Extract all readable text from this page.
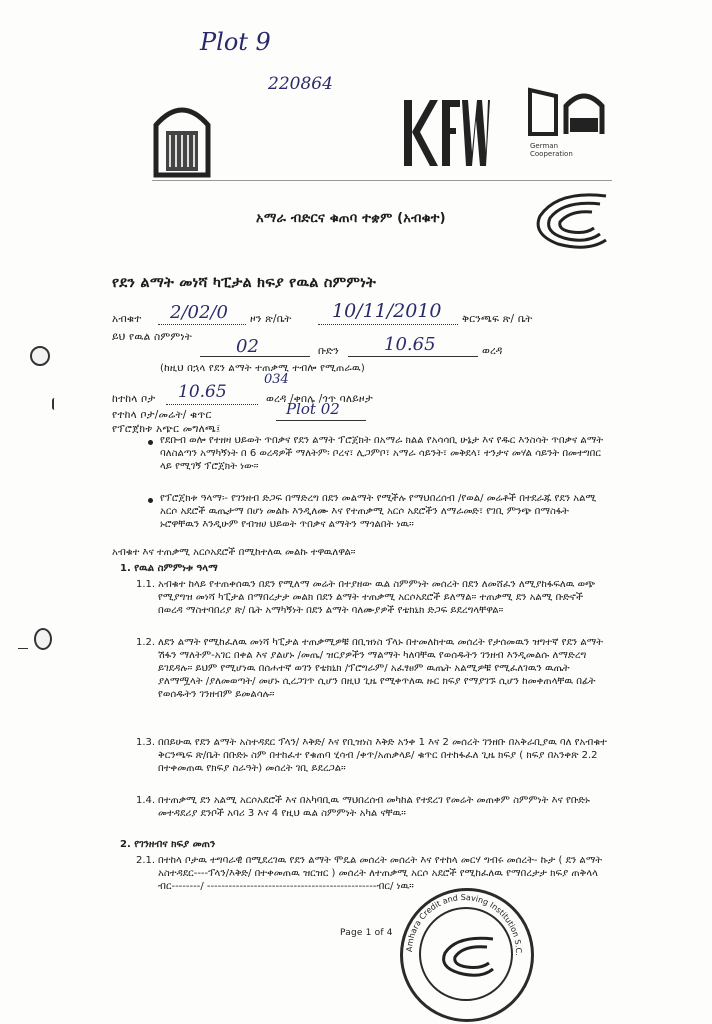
Plot 9
220864
German Cooperation
አማራ ብድርና ቁጠባ ተቋም (አብቁተ)
የደን ልማት መነሻ ካፒታል ክፍያ የዉል ስምምነት
አብቁተ 2/02/0 ዞን ጽ/ቤት 10/11/2010 ቅርንጫፍ ጽ/ ቤት
ይህ የዉል ስምምነት 02	ቡድን	10.65	ወረዳ
(ከዚህ በኋላ የደን ልማት ተጠቃሚ ተብሎ የሚጠራዉ)
ከተከላ ቦታ 10.65
034
ወረዳ /ቀበሌ /ጎጥ ባለይዞታ
የተከላ ቦታ/መሬት/ ቁጥር	Plot 02
የፕሮጀክቱ አጭር መግለጫ፤
የደቡብ ወሎ የተዘዛ ህይወት ጥበቃና የደን ልማት ፕሮጀክት በአማራ ክልል የአሳሳቢ ሁኔታ እና የዱር እንስሳት ጥበቃና ልማት ባለስልጣን አማካኝነት በ 6 ወረዳዎች ማለትም፡ ቦረና፣ ሊጋምቦ፣ አማራ ሳይንት፣ መቅደላ፣ ተንታና መሃል ሳይንት በመተግበር ላይ የሚገኝ ፕሮጀክት ነው።
የፕሮጀክቱ ዓላማ፡- የገንዘብ ድጋፍ በማድረግ በደን መልማት የሚችሉ የማህበረሰብ /የወል/ መሬቶች በተደራጁ የደን አልሚ አርሶ አደሮች ዉጤታማ በሆነ መልኩ እንዲለሙ እና የተጠቃሚ አርሶ አደሮችን ለማራመድ፣ የገቢ ምንጭ በማስፋት ኑሮዋቸዉን እንዲሁም የብዝሀ ህይወት ጥበቃና ልማትን ማጎልበት ነዉ።
አብቁተ እና ተጠቃሚ አርሶአደሮች በሚከተለዉ መልኩ ተዋዉለዋል።
1. የዉል ስምምነቱ ዓላማ
1.1. አብቁተ ከላይ የተጠቀሰዉን በደን የሚለማ መሬት በተያዘው ዉል ስምምነት መሰረት በደን ለመሸፈን ለሚያከፋፍለዉ ወጭ የሚያግዝ መነሻ ካፒታል በማበረታታ መልክ በደን ልማት ተጠቃሚ አርሶአደሮች ይለማል። ተጠቃሚ ደን አልሚ ቡድኖች በወረዳ ማስተባበሪያ ጽ/ ቤት አማካኝነት በደን ልማት ባለሙያዎች የቴክኒክ ድጋፍ ይደረግላቸዋል።
1.2. ለደን ልማት የሚከፈለዉ መነሻ ካፒታል ተጠቃሚዎቹ በቢዝነስ ፕላኑ በተመለከተዉ መሰረት የታሰመዉን ዝግተኛ የደን ልማት ሽፋን ማለትም-አገር በቀል እና ያልሆኑ /መጤ/ ዝርያዎችን ማልማት ካለባቸዉ የወሰዱትን ገንዘብ እንዲመልሱ ለማድረግ ይገደዳሉ። ይህም የሚሆነዉ በሰሐተኛ ወገን የቴክኒክ /ፕሮግራም/ አፈፃፀም ዉጤት አልሚዎቹ የሚፈለገዉን ዉጤት ያለማሟላት /ያለመወጣት/ መሆኑ ሲረጋገጥ ሲሆን በዚህ ጊዜ የሚቀጥለዉ ዙር ክፍያ የማያገኙ ሲሆን ከመቀጠላቸዉ በፊት የወሰዱትን ገንዘብም ይመልሳሉ።
1.3. በበይሁዉ የደን ልማት አስተዳደር ፕላን/ እቅድ/ እና የቢዝነስ እቅድ አንቀ 1 እና 2 መሰረት ገንዘቡ በአቅራቢያዉ ባለ የአብቁተ ቅርንጫፍ ጽ/ቤት በቡድኑ ስም በተከፈተ የቁጠባ ሂሳብ /ቀጥ/አጠቃላይ/ ቁጥር በተከፋፈለ ጊዜ ክፍያ ( ክፍያ በአንቀጽ 2.2 በተቀመጠዉ የክፍያ ስራዓት) መሰረት ገቢ ይደረጋል።
1.4. በተጠቃሚ ደን አልሚ አርሶአደሮች እና በአካባቢዉ ማህበረሰብ መካከል የተደረገ የመሬት መጠቀም ስምምነት እና የቡድኑ መተዳደሪያ ደንቦች አባሪ 3 እና 4 የዚህ ዉል ስምምነት አካል ናቸዉ።
2. የገንዘብና ክፍያ መጠን
2.1. በተከላ ቦታዉ ተግባራዊ በሚደረገዉ የደን ልማት ሞዴል መሰረት መሰረት እና የተከላ መርሃ ግብሩ መሰረት- ኩታ ( ደን ልማት አስተዳደር----ፕላን/እቅድ/ በተቀመጠዉ ዝርዝር ) መሰረት ለተጠቃሚ አርሶ አደሮች የሚከፈለዉ የማበረታታ ክፍያ ጠቅላላ ብር--------/ -----------------------------------------------ብር/ ነዉ።
Page 1 of 4
Amhara Credit and Saving Institution S.C.
